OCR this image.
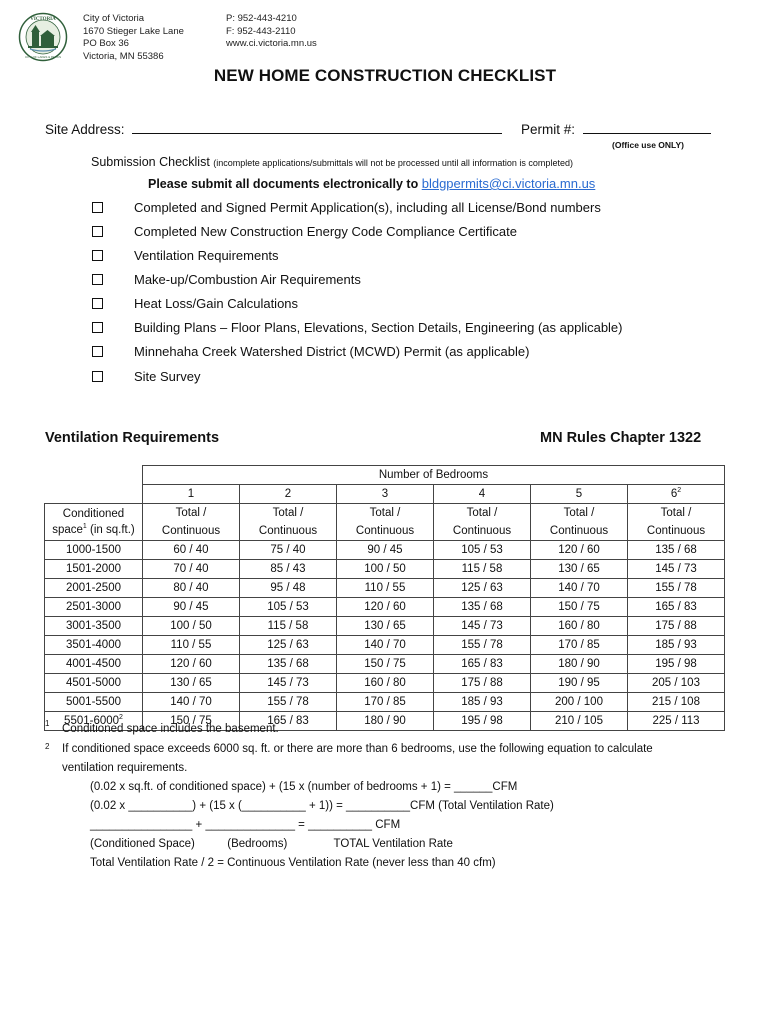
VICTORIA
CITY OF LAKES & PARKS
City of Victoria
1670 Stieger Lake Lane
PO Box 36
Victoria, MN 55386
P: 952-443-4210
F: 952-443-2110
www.ci.victoria.mn.us
NEW HOME CONSTRUCTION CHECKLIST
Site Address:	Permit #:
(Office use ONLY)
Submission Checklist (incomplete applications/submittals will not be processed until all information is completed)
Please submit all documents electronically to bldgpermits@ci.victoria.mn.us
Completed and Signed Permit Application(s), including all License/Bond numbers
Completed New Construction Energy Code Compliance Certificate
Ventilation Requirements
Make-up/Combustion Air Requirements
Heat Loss/Gain Calculations
Building Plans – Floor Plans, Elevations, Section Details, Engineering (as applicable)
Minnehaha Creek Watershed District (MCWD) Permit (as applicable)
Site Survey
Ventilation Requirements	MN Rules Chapter 1322
	Number of Bedrooms					
	1	2	3	4	5	$6^2$

Conditioned
space$^1$ (in sq.ft.)	Total /	Total /	Total /	Total /	Total /	Total /
	Continuous	Continuous	Continuous	Continuous	Continuous	Continuous
1000-1500	60 / 40	75 / 40	90 / 45	105 / 53	120 / 60	135 / 68
1501-2000	70 / 40	85 / 43	100 / 50	115 / 58	130 / 65	145 / 73
2001-2500	80 / 40	95 / 48	110 / 55	125 / 63	140 / 70	155 / 78
2501-3000	90 / 45	105 / 53	120 / 60	135 / 68	150 / 75	165 / 83
3001-3500	100 / 50	115 / 58	130 / 65	145 / 73	160 / 80	175 / 88
3501-4000	110 / 55	125 / 63	140 / 70	155 / 78	170 / 85	185 / 93
4001-4500	120 / 60	135 / 68	150 / 75	165 / 83	180 / 90	195 / 98
4501-5000	130 / 65	145 / 73	160 / 80	175 / 88	190 / 95	205 / 103
5001-5500	140 / 70	155 / 78	170 / 85	185 / 93	200 / 100	215 / 108
5501-6000$^2$	150 / 75	165 / 83	180 / 90	195 / 98	210 / 105	225 / 113
1 Conditioned space includes the basement.
2 If conditioned space exceeds 6000 sq. ft. or there are more than 6 bedrooms, use the following equation to calculate
ventilation requirements.
(0.02 x sq.ft. of conditioned space) + (15 x (number of bedrooms + 1) = ______CFM
(0.02 x __________) + (15 x (__________ + 1)) = __________CFM (Total Ventilation Rate)
________________ + ______________ = __________ CFM
(Conditioned Space)	(Bedrooms)	TOTAL Ventilation Rate
Total Ventilation Rate / 2 = Continuous Ventilation Rate (never less than 40 cfm)
